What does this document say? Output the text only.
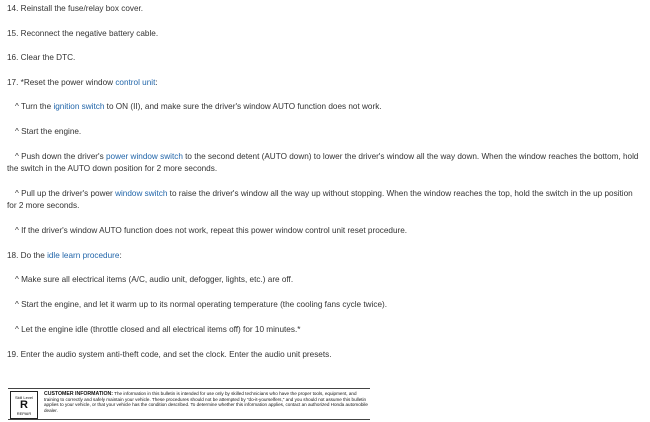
14. Reinstall the fuse/relay box cover.

15. Reconnect the negative battery cable.

16. Clear the DTC.

17. *Reset the power window control unit:

^ Turn the ignition switch to ON (II), and make sure the driver's window AUTO function does not work.

^ Start the engine.

^ Push down the driver's power window switch to the second detent (AUTO down) to lower the driver's window all the way down. When the window reaches the bottom, hold the switch in the AUTO down position for 2 more seconds.

^ Pull up the driver's power window switch to raise the driver's window all the way up without stopping. When the window reaches the top, hold the switch in the up position for 2 more seconds.

^ If the driver's window AUTO function does not work, repeat this power window control unit reset procedure.

18. Do the idle learn procedure:

^ Make sure all electrical items (A/C, audio unit, defogger, lights, etc.) are off.

^ Start the engine, and let it warm up to its normal operating temperature (the cooling fans cycle twice).

^ Let the engine idle (throttle closed and all electrical items off) for 10 minutes.*

19. Enter the audio system anti-theft code, and set the clock. Enter the audio unit presets.

Skill Level
R
REPAIR
CUSTOMER INFORMATION: The information in this bulletin is intended for use only by skilled technicians who have the proper tools, equipment, and training to correctly and safely maintain your vehicle. These procedures should not be attempted by "do-it-yourselfers," and you should not assume this bulletin applies to your vehicle, or that your vehicle has the condition described. To determine whether this information applies, contact an authorized Honda automobile dealer.
